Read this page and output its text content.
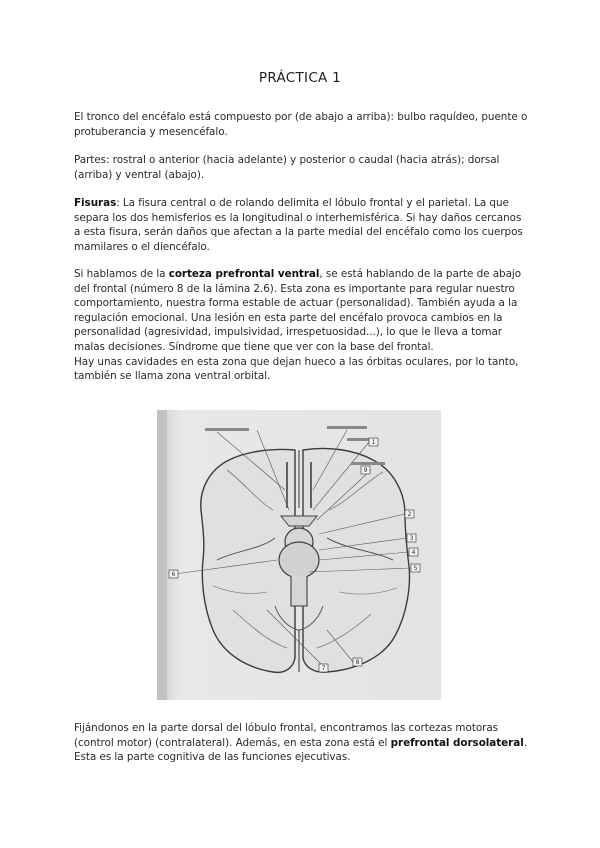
PRÁCTICA 1
El tronco del encéfalo está compuesto por (de abajo a arriba): bulbo raquídeo, puente o protuberancia y mesencéfalo.
Partes: rostral o anterior (hacia adelante) y posterior o caudal (hacia atrás); dorsal (arriba) y ventral (abajo).
Fisuras: La fisura central o de rolando delimita el lóbulo frontal y el parietal. La que separa los dos hemisferios es la longitudinal o interhemisférica. Si hay daños cercanos a esta fisura, serán daños que afectan a la parte medial del encéfalo como los cuerpos mamilares o el diencéfalo.
Si hablamos de la corteza prefrontal ventral, se está hablando de la parte de abajo del frontal (número 8 de la lámina 2.6). Esta zona es importante para regular nuestro comportamiento, nuestra forma estable de actuar (personalidad). También ayuda a la regulación emocional. Una lesión en esta parte del encéfalo provoca cambios en la personalidad (agresividad, impulsividad, irrespetuosidad...), lo que le lleva a tomar malas decisiones. Síndrome que tiene que ver con la base del frontal.
Hay unas cavidades en esta zona que dejan hueco a las órbitas oculares, por lo tanto, también se llama zona ventral orbital.
1
2
3
4
5
6
7
8
9
Fijándonos en la parte dorsal del lóbulo frontal, encontramos las cortezas motoras (control motor) (contralateral). Además, en esta zona está el prefrontal dorsolateral. Esta es la parte cognitiva de las funciones ejecutivas.
